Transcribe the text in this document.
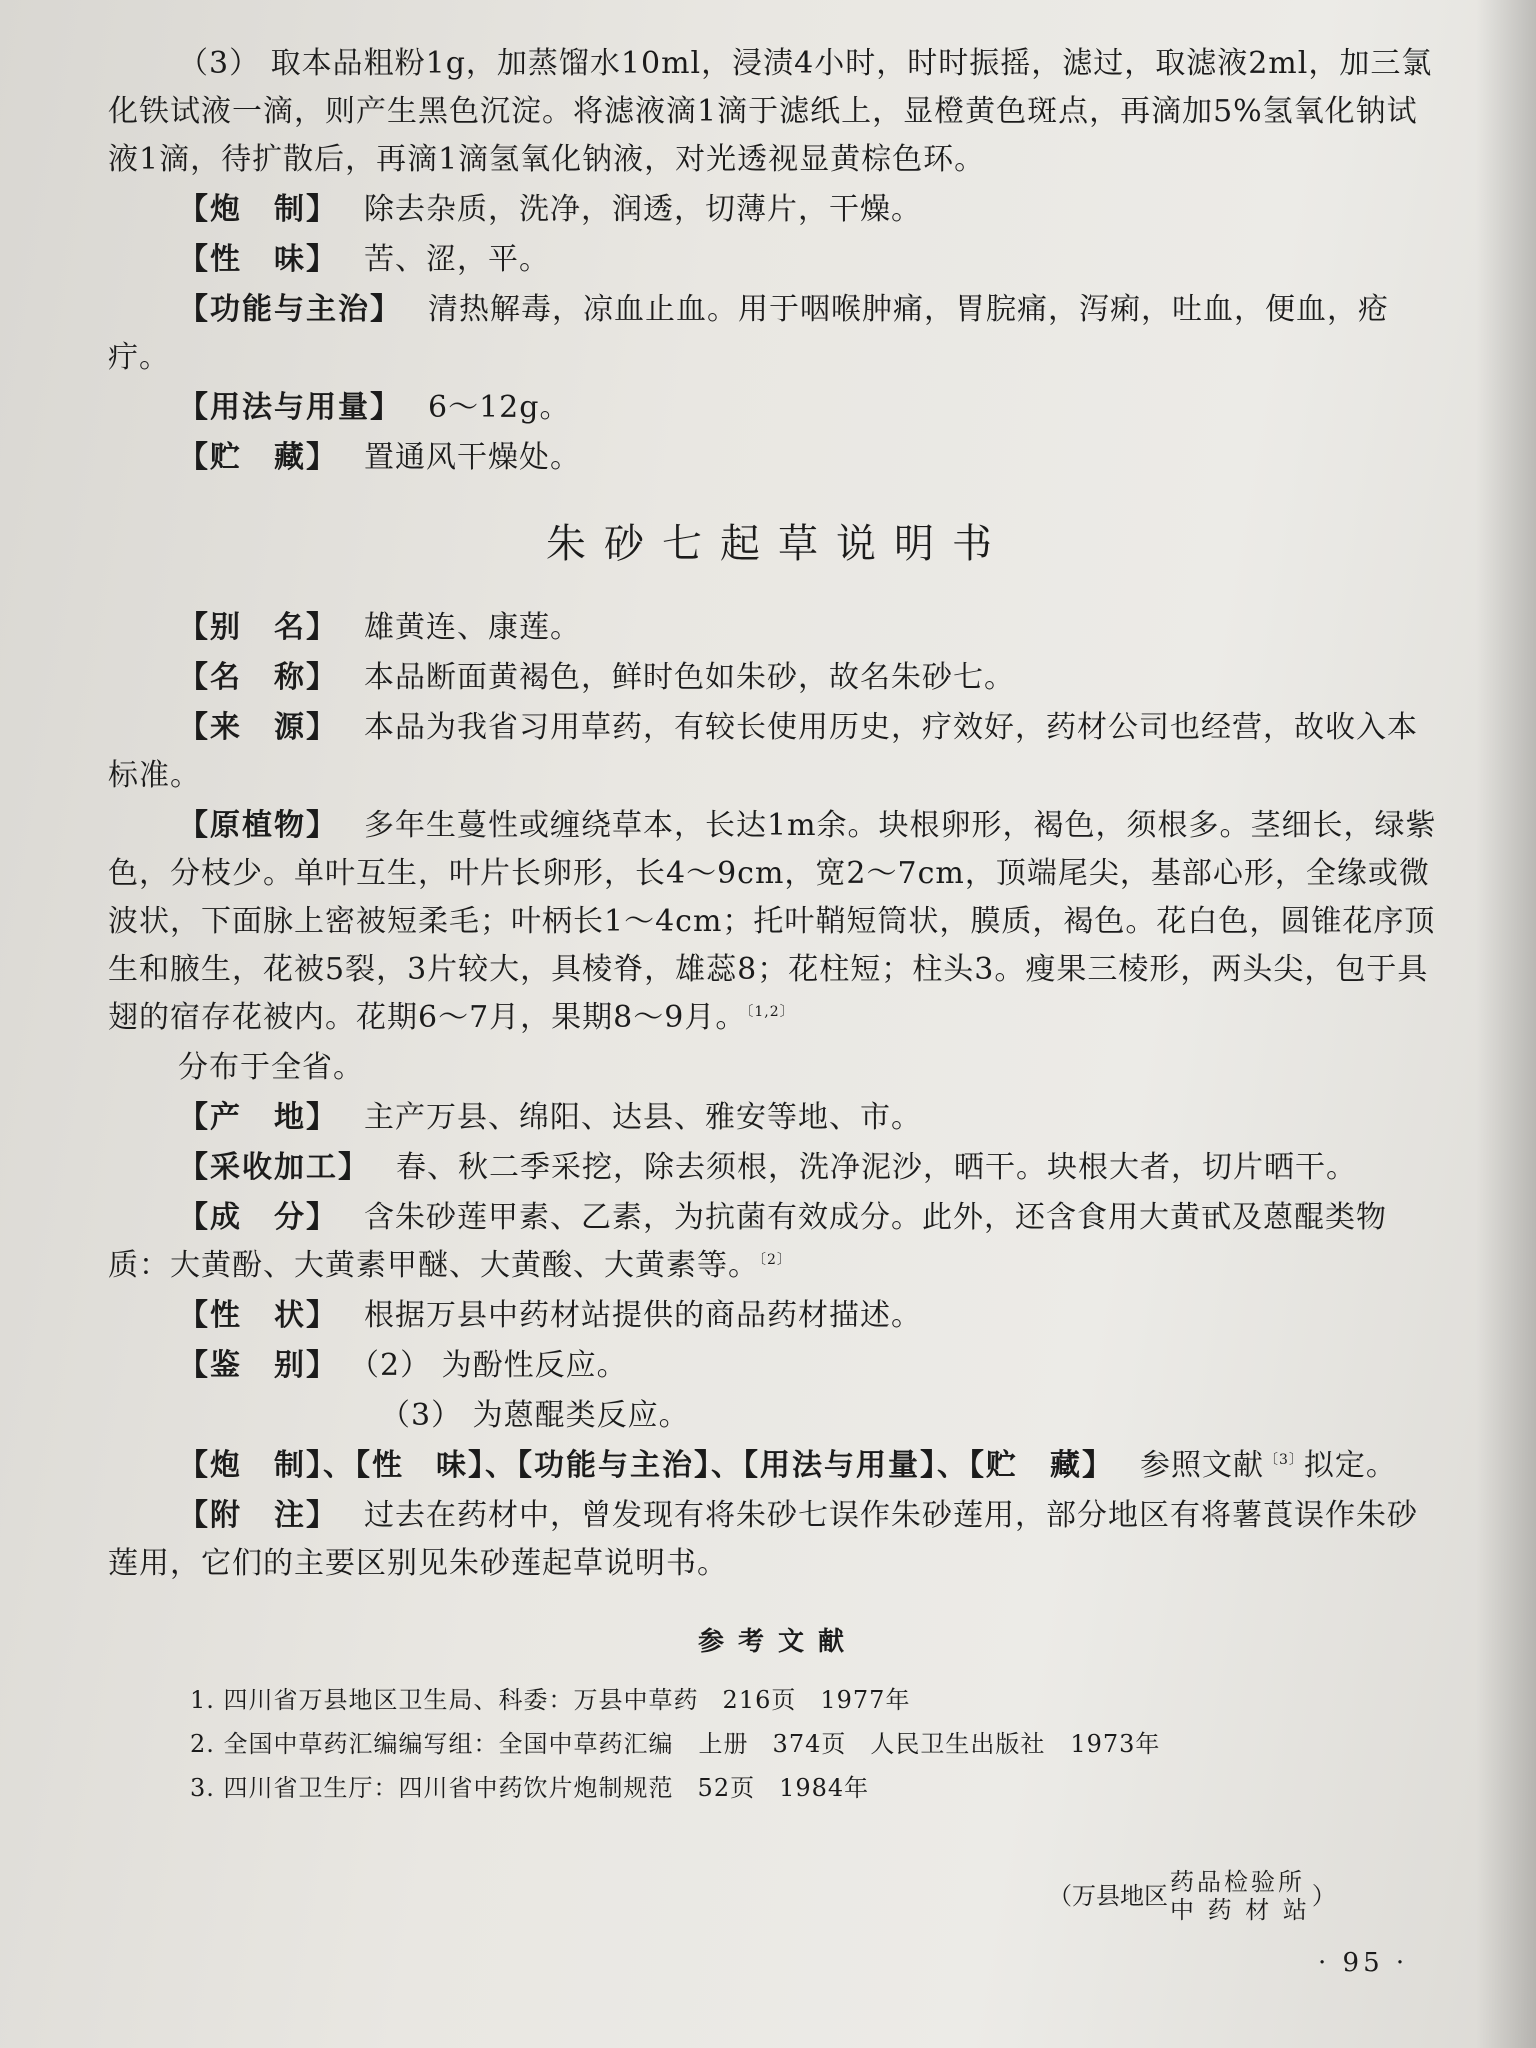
（3） 取本品粗粉1g，加蒸馏水10ml，浸渍4小时，时时振摇，滤过，取滤液2ml，加三氯化铁试液一滴，则产生黑色沉淀。将滤液滴1滴于滤纸上，显橙黄色斑点，再滴加5%氢氧化钠试液1滴，待扩散后，再滴1滴氢氧化钠液，对光透视显黄棕色环。

【炮　制】 除去杂质，洗净，润透，切薄片，干燥。

【性　味】 苦、涩，平。

【功能与主治】 清热解毒，凉血止血。用于咽喉肿痛，胃脘痛，泻痢，吐血，便血，疮疔。

【用法与用量】 6～12g。

【贮　藏】 置通风干燥处。

朱砂七起草说明书

【别　名】 雄黄连、康莲。

【名　称】 本品断面黄褐色，鲜时色如朱砂，故名朱砂七。

【来　源】 本品为我省习用草药，有较长使用历史，疗效好，药材公司也经营，故收入本标准。

【原植物】 多年生蔓性或缠绕草本，长达1m余。块根卵形，褐色，须根多。茎细长，绿紫色，分枝少。单叶互生，叶片长卵形，长4～9cm，宽2～7cm，顶端尾尖，基部心形，全缘或微波状，下面脉上密被短柔毛；叶柄长1～4cm；托叶鞘短筒状，膜质，褐色。花白色，圆锥花序顶生和腋生，花被5裂，3片较大，具棱脊，雄蕊8；花柱短；柱头3。瘦果三棱形，两头尖，包于具翅的宿存花被内。花期6～7月，果期8～9月。$^{〔1,2〕}$

分布于全省。

【产　地】 主产万县、绵阳、达县、雅安等地、市。

【采收加工】 春、秋二季采挖，除去须根，洗净泥沙，晒干。块根大者，切片晒干。

【成　分】 含朱砂莲甲素、乙素，为抗菌有效成分。此外，还含食用大黄甙及蒽醌类物质：大黄酚、大黄素甲醚、大黄酸、大黄素等。$^{〔2〕}$

【性　状】 根据万县中药材站提供的商品药材描述。

【鉴　别】 （2） 为酚性反应。

（3） 为蒽醌类反应。

【炮　制】、【性　味】、【功能与主治】、【用法与用量】、【贮　藏】 参照文献$^{〔3〕}$拟定。

【附　注】 过去在药材中，曾发现有将朱砂七误作朱砂莲用，部分地区有将薯莨误作朱砂莲用，它们的主要区别见朱砂莲起草说明书。

参考文献

1. 四川省万县地区卫生局、科委：万县中草药 216页 1977年

2. 全国中草药汇编编写组：全国中草药汇编　上册 374页 人民卫生出版社　1973年

3. 四川省卫生厅：四川省中药饮片炮制规范 52页 1984年

（万县地区 药品检验所
中 药 材 站 ）
· 95 ·
